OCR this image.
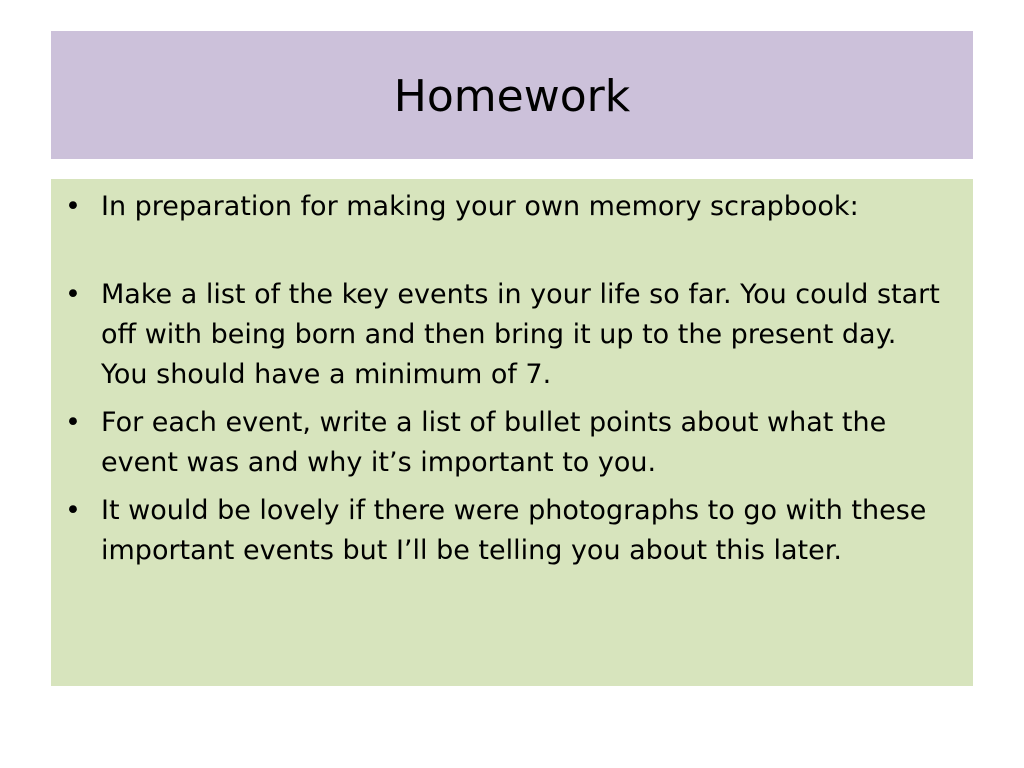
Homework
• In preparation for making your own memory scrapbook:
• Make a list of the key events in your life so far. You could start off with being born and then bring it up to the present day. You should have a minimum of 7.
• For each event, write a list of bullet points about what the event was and why it’s important to you.
• It would be lovely if there were photographs to go with these important events but I’ll be telling you about this later.
